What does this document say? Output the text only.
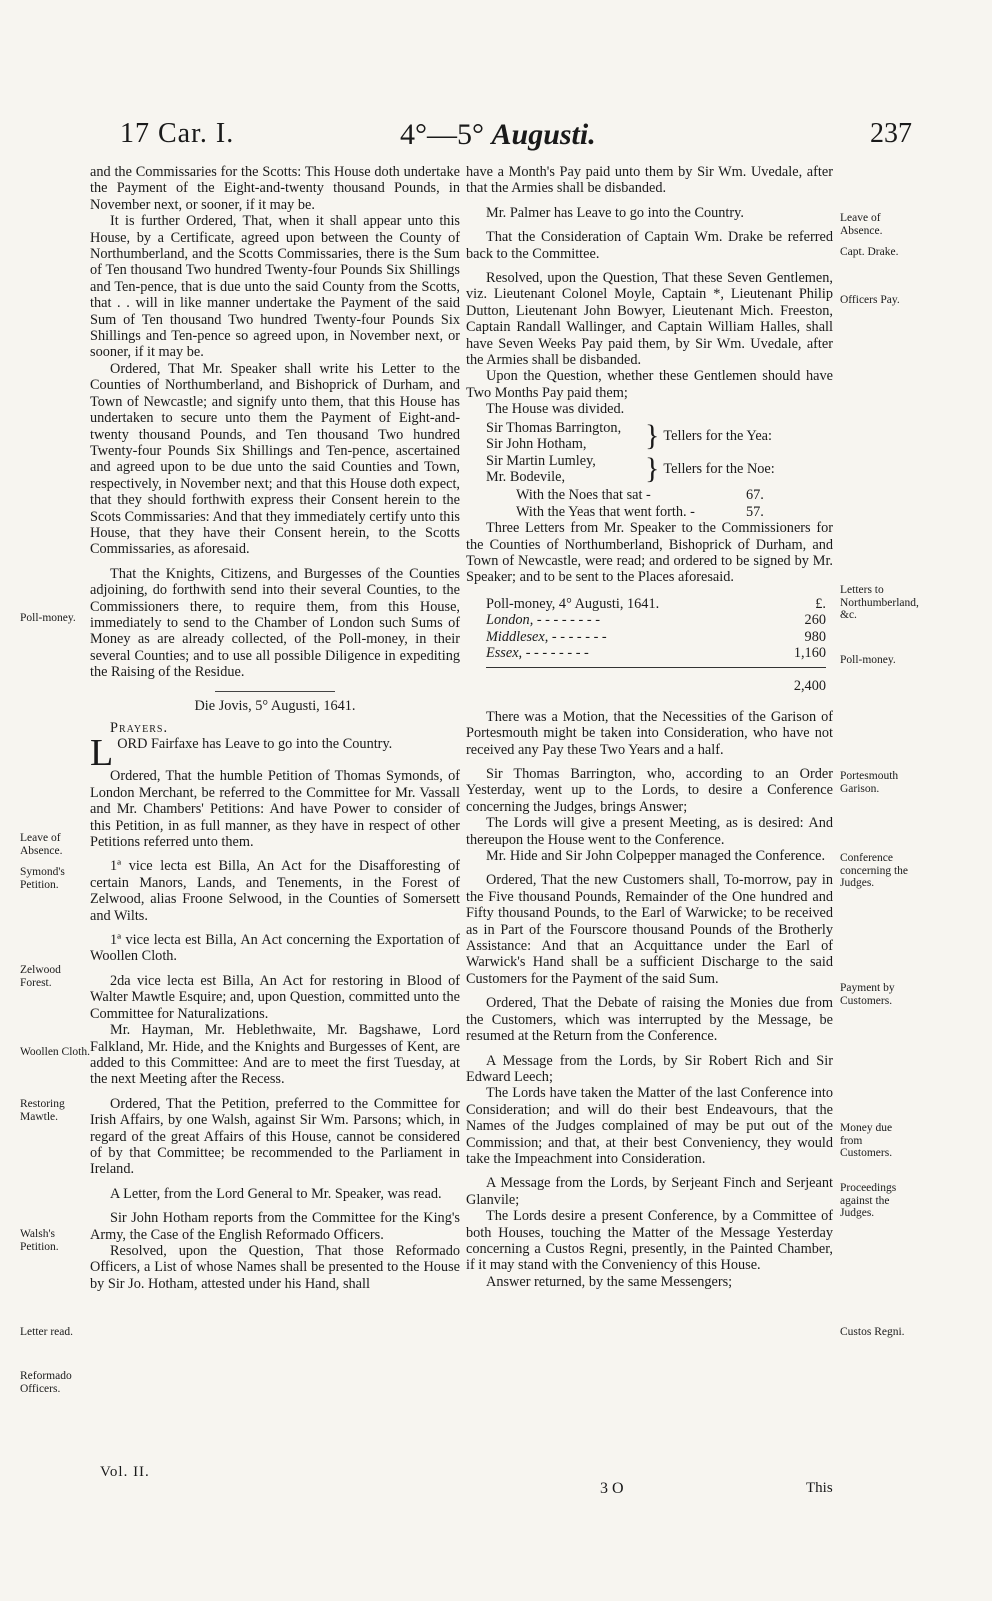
17 Car. I.	4°—5° Augusti.	237

and the Commissaries for the Scotts: This House doth undertake the Payment of the Eight-and-twenty thousand Pounds, in November next, or sooner, if it may be.

It is further Ordered, That, when it shall appear unto this House, by a Certificate, agreed upon between the County of Northumberland, and the Scotts Commissaries, there is the Sum of Ten thousand Two hundred Twenty-four Pounds Six Shillings and Ten-pence, that is due unto the said County from the Scotts, that . . will in like manner undertake the Payment of the said Sum of Ten thousand Two hundred Twenty-four Pounds Six Shillings and Ten-pence so agreed upon, in November next, or sooner, if it may be.

Ordered, That Mr. Speaker shall write his Letter to the Counties of Northumberland, and Bishoprick of Durham, and Town of Newcastle; and signify unto them, that this House has undertaken to secure unto them the Payment of Eight-and-twenty thousand Pounds, and Ten thousand Two hundred Twenty-four Pounds Six Shillings and Ten-pence, ascertained and agreed upon to be due unto the said Counties and Town, respectively, in November next; and that this House doth expect, that they should forthwith express their Consent herein to the Scots Commissaries: And that they immediately certify unto this House, that they have their Consent herein, to the Scotts Commissaries, as aforesaid.

That the Knights, Citizens, and Burgesses of the Counties adjoining, do forthwith send into their several Counties, to the Commissioners there, to require them, from this House, immediately to send to the Chamber of London such Sums of Money as are already collected, of the Poll-money, in their several Counties; and to use all possible Diligence in expediting the Raising of the Residue.

Die Jovis, 5° Augusti, 1641.

Prayers.

LORD Fairfaxe has Leave to go into the Country.

Ordered, That the humble Petition of Thomas Symonds, of London Merchant, be referred to the Committee for Mr. Vassall and Mr. Chambers' Petitions: And have Power to consider of this Petition, in as full manner, as they have in respect of other Petitions referred unto them.

1ª vice lecta est Billa, An Act for the Disafforesting of certain Manors, Lands, and Tenements, in the Forest of Zelwood, alias Froone Selwood, in the Counties of Somersett and Wilts.

1ª vice lecta est Billa, An Act concerning the Exportation of Woollen Cloth.

2da vice lecta est Billa, An Act for restoring in Blood of Walter Mawtle Esquire; and, upon Question, committed unto the Committee for Naturalizations.

Mr. Hayman, Mr. Heblethwaite, Mr. Bagshawe, Lord Falkland, Mr. Hide, and the Knights and Burgesses of Kent, are added to this Committee: And are to meet the first Tuesday, at the next Meeting after the Recess.

Ordered, That the Petition, preferred to the Committee for Irish Affairs, by one Walsh, against Sir Wm. Parsons; which, in regard of the great Affairs of this House, cannot be considered of by that Committee; be recommended to the Parliament in Ireland.

A Letter, from the Lord General to Mr. Speaker, was read.

Sir John Hotham reports from the Committee for the King's Army, the Case of the English Reformado Officers.

Resolved, upon the Question, That those Reformado Officers, a List of whose Names shall be presented to the House by Sir Jo. Hotham, attested under his Hand, shall

have a Month's Pay paid unto them by Sir Wm. Uvedale, after that the Armies shall be disbanded.

Mr. Palmer has Leave to go into the Country.

That the Consideration of Captain Wm. Drake be referred back to the Committee.

Resolved, upon the Question, That these Seven Gentlemen, viz. Lieutenant Colonel Moyle, Captain *, Lieutenant Philip Dutton, Lieutenant John Bowyer, Lieutenant Mich. Freeston, Captain Randall Wallinger, and Captain William Halles, shall have Seven Weeks Pay paid them, by Sir Wm. Uvedale, after the Armies shall be disbanded.

Upon the Question, whether these Gentlemen should have Two Months Pay paid them;

The House was divided.

Sir Thomas Barrington,
Sir John Hotham,	} Tellers for the Yea:
Sir Martin Lumley,
Mr. Bodevile,	} Tellers for the Noe:
With the Noes that sat -	67.
With the Yeas that went forth. -	57.

Three Letters from Mr. Speaker to the Commissioners for the Counties of Northumberland, Bishoprick of Durham, and Town of Newcastle, were read; and ordered to be signed by Mr. Speaker; and to be sent to the Places aforesaid.

Poll-money, 4° Augusti, 1641.	£.
London, - - - - - - - -	260
Middlesex, - - - - - - -	980
Essex, - - - - - - - -	1,160
2,400

There was a Motion, that the Necessities of the Garison of Portesmouth might be taken into Consideration, who have not received any Pay these Two Years and a half.

Sir Thomas Barrington, who, according to an Order Yesterday, went up to the Lords, to desire a Conference concerning the Judges, brings Answer;

The Lords will give a present Meeting, as is desired: And thereupon the House went to the Conference.

Mr. Hide and Sir John Colpepper managed the Conference.

Ordered, That the new Customers shall, To-morrow, pay in the Five thousand Pounds, Remainder of the One hundred and Fifty thousand Pounds, to the Earl of Warwicke; to be received as in Part of the Fourscore thousand Pounds of the Brotherly Assistance: And that an Acquittance under the Earl of Warwick's Hand shall be a sufficient Discharge to the said Customers for the Payment of the said Sum.

Ordered, That the Debate of raising the Monies due from the Customers, which was interrupted by the Message, be resumed at the Return from the Conference.

A Message from the Lords, by Sir Robert Rich and Sir Edward Leech;

The Lords have taken the Matter of the last Conference into Consideration; and will do their best Endeavours, that the Names of the Judges complained of may be put out of the Commission; and that, at their best Conveniency, they would take the Impeachment into Consideration.

A Message from the Lords, by Serjeant Finch and Serjeant Glanvile;

The Lords desire a present Conference, by a Committee of both Houses, touching the Matter of the Message Yesterday concerning a Custos Regni, presently, in the Painted Chamber, if it may stand with the Conveniency of this House.

Answer returned, by the same Messengers;

Poll-money.
Leave of Absence.
Symond's Petition.
Zelwood Forest.
Woollen Cloth.
Restoring Mawtle.
Walsh's Petition.
Letter read.
Reformado Officers.
Leave of Absence.
Capt. Drake.
Officers Pay.
Letters to Northumberland, &c.
Poll-money.
Portesmouth Garison.
Conference concerning the Judges.
Payment by Customers.
Money due from Customers.
Proceedings against the Judges.
Custos Regni.
Vol. II.
3 O	This
